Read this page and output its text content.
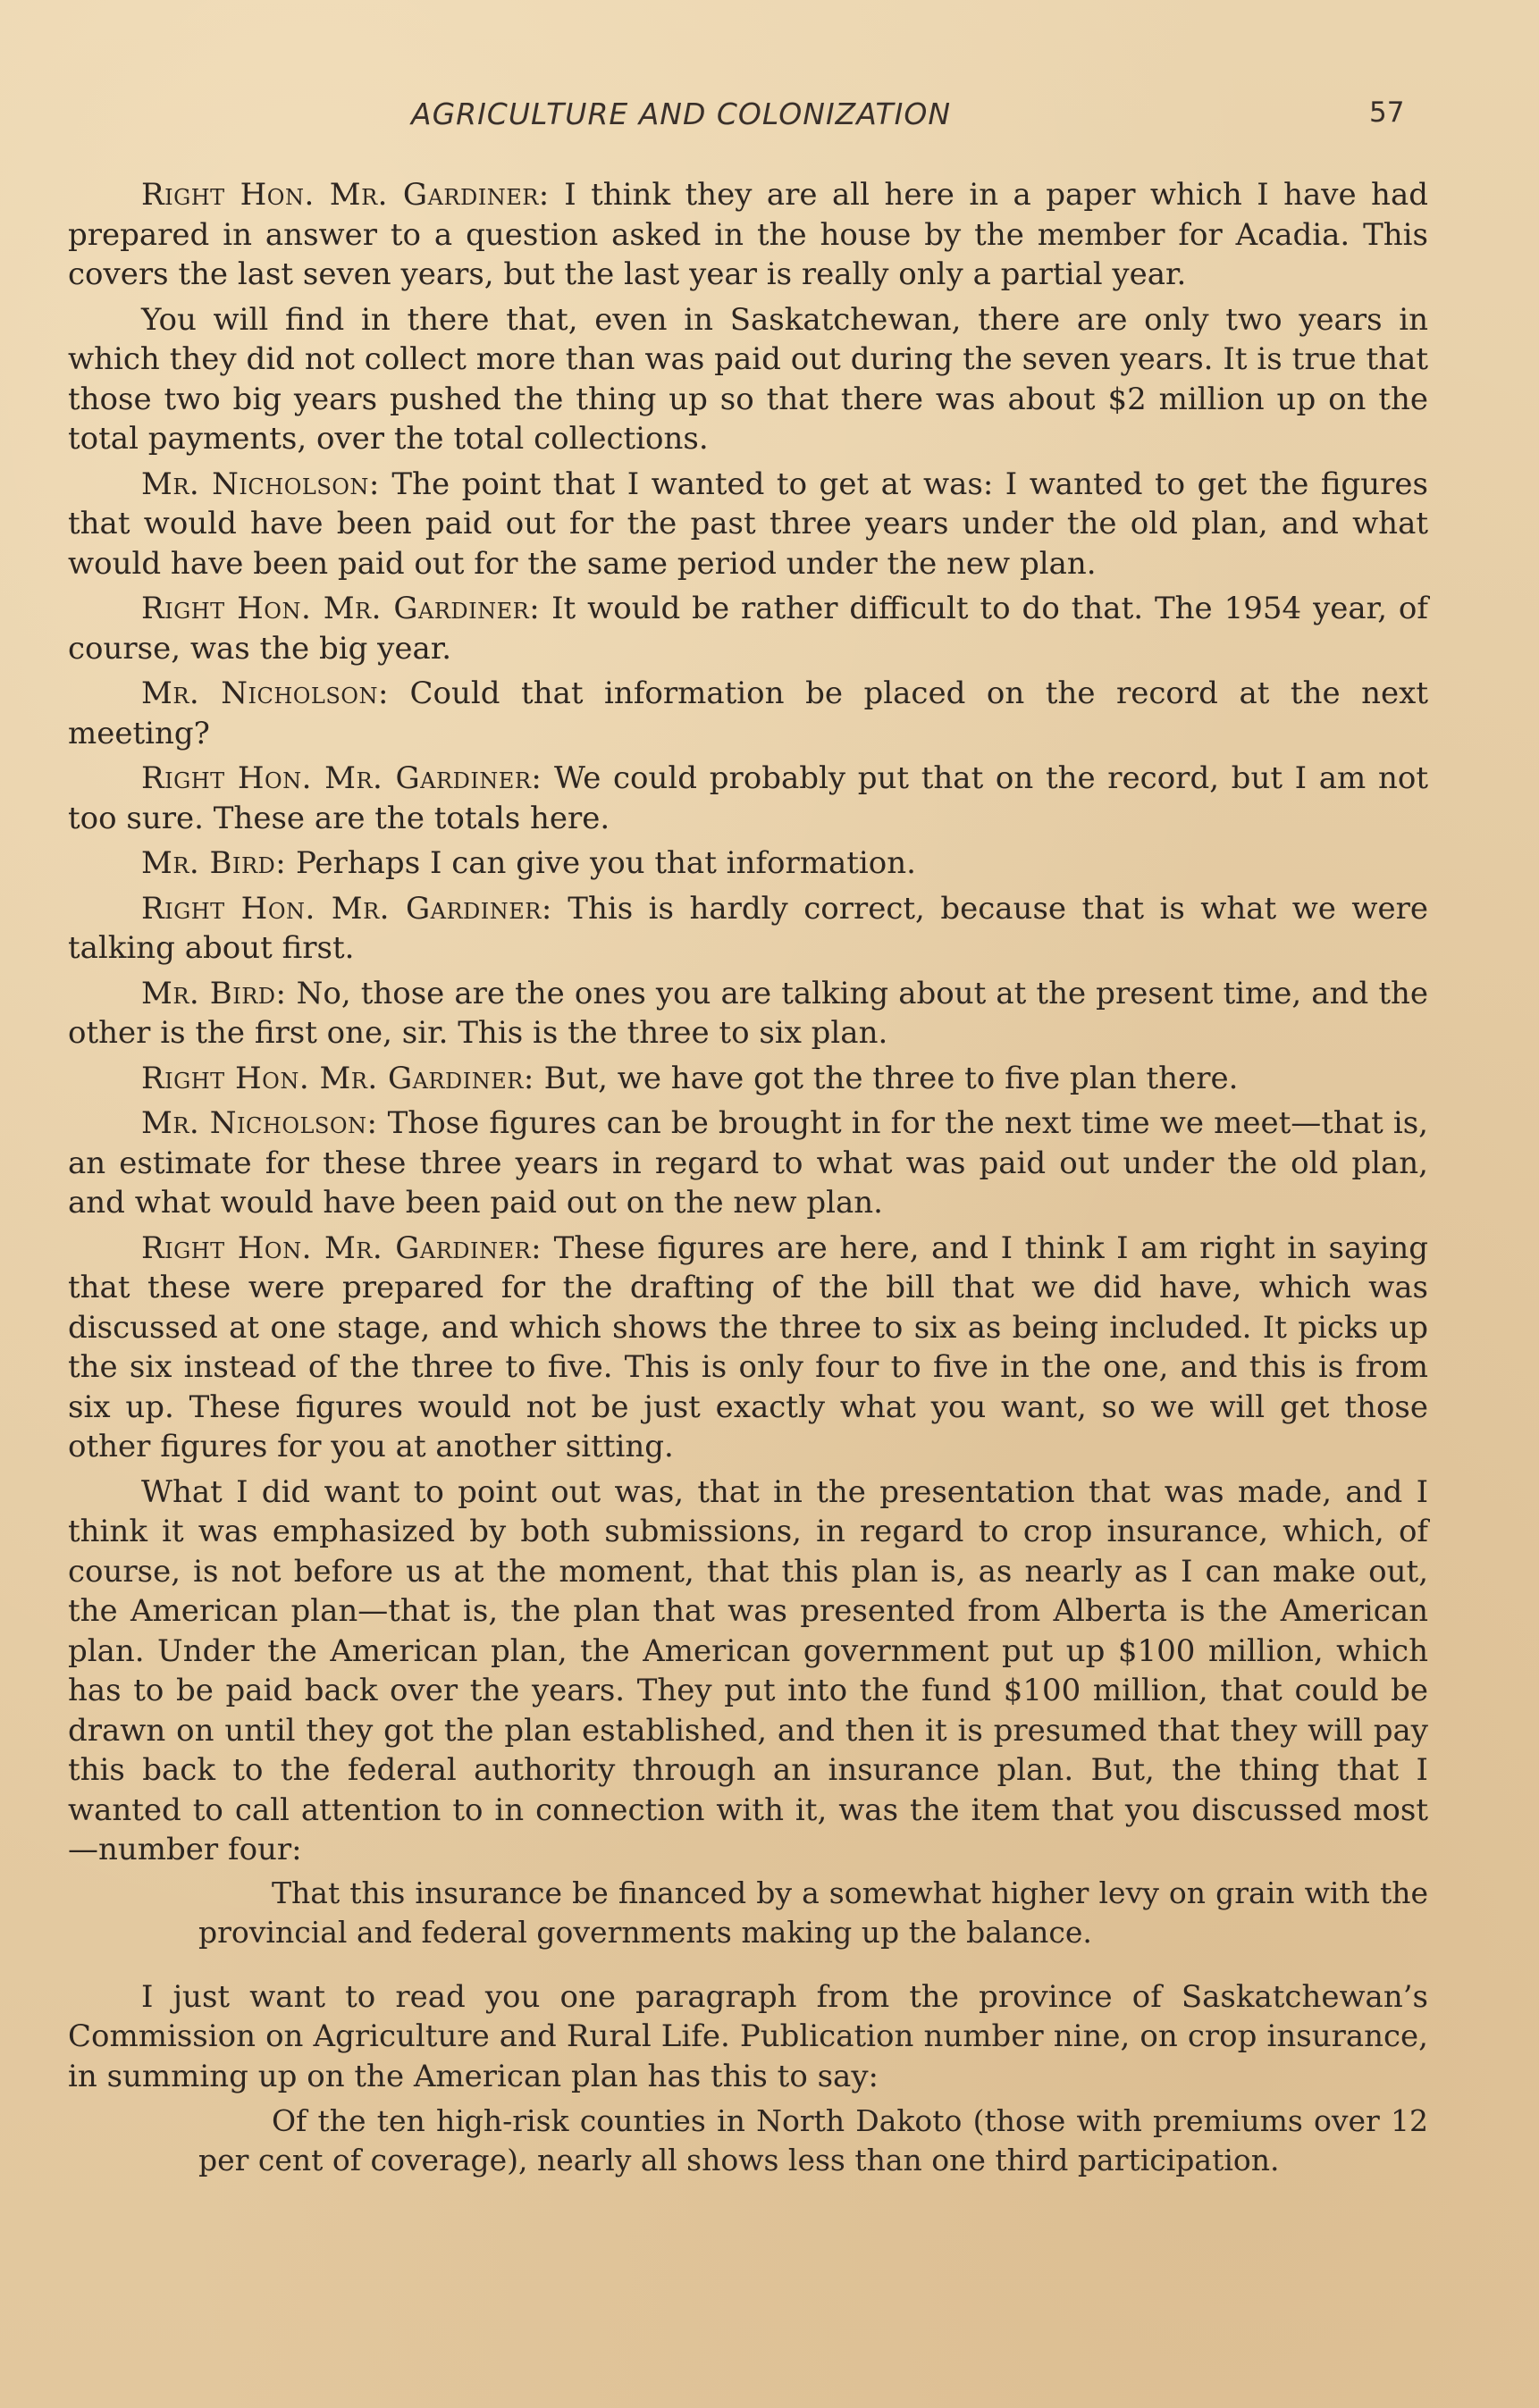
AGRICULTURE AND COLONIZATION	57

Right Hon. Mr. Gardiner: I think they are all here in a paper which I have had prepared in answer to a question asked in the house by the member for Acadia. This covers the last seven years, but the last year is really only a partial year.

You will find in there that, even in Saskatchewan, there are only two years in which they did not collect more than was paid out during the seven years. It is true that those two big years pushed the thing up so that there was about $2 million up on the total payments, over the total collections.

Mr. Nicholson: The point that I wanted to get at was: I wanted to get the figures that would have been paid out for the past three years under the old plan, and what would have been paid out for the same period under the new plan.

Right Hon. Mr. Gardiner: It would be rather difficult to do that. The 1954 year, of course, was the big year.

Mr. Nicholson: Could that information be placed on the record at the next meeting?

Right Hon. Mr. Gardiner: We could probably put that on the record, but I am not too sure. These are the totals here.

Mr. Bird: Perhaps I can give you that information.

Right Hon. Mr. Gardiner: This is hardly correct, because that is what we were talking about first.

Mr. Bird: No, those are the ones you are talking about at the present time, and the other is the first one, sir. This is the three to six plan.

Right Hon. Mr. Gardiner: But, we have got the three to five plan there.

Mr. Nicholson: Those figures can be brought in for the next time we meet—that is, an estimate for these three years in regard to what was paid out under the old plan, and what would have been paid out on the new plan.

Right Hon. Mr. Gardiner: These figures are here, and I think I am right in saying that these were prepared for the drafting of the bill that we did have, which was discussed at one stage, and which shows the three to six as being included. It picks up the six instead of the three to five. This is only four to five in the one, and this is from six up. These figures would not be just exactly what you want, so we will get those other figures for you at another sitting.

What I did want to point out was, that in the presentation that was made, and I think it was emphasized by both submissions, in regard to crop insurance, which, of course, is not before us at the moment, that this plan is, as nearly as I can make out, the American plan—that is, the plan that was presented from Alberta is the American plan. Under the American plan, the American government put up $100 million, which has to be paid back over the years. They put into the fund $100 million, that could be drawn on until they got the plan established, and then it is presumed that they will pay this back to the federal authority through an insurance plan. But, the thing that I wanted to call attention to in connection with it, was the item that you discussed most—number four:

That this insurance be financed by a somewhat higher levy on grain with the provincial and federal governments making up the balance.

I just want to read you one paragraph from the province of Saskatchewan’s Commission on Agriculture and Rural Life. Publication number nine, on crop insurance, in summing up on the American plan has this to say:

Of the ten high-risk counties in North Dakoto (those with premiums over 12 per cent of coverage), nearly all shows less than one third participation.
